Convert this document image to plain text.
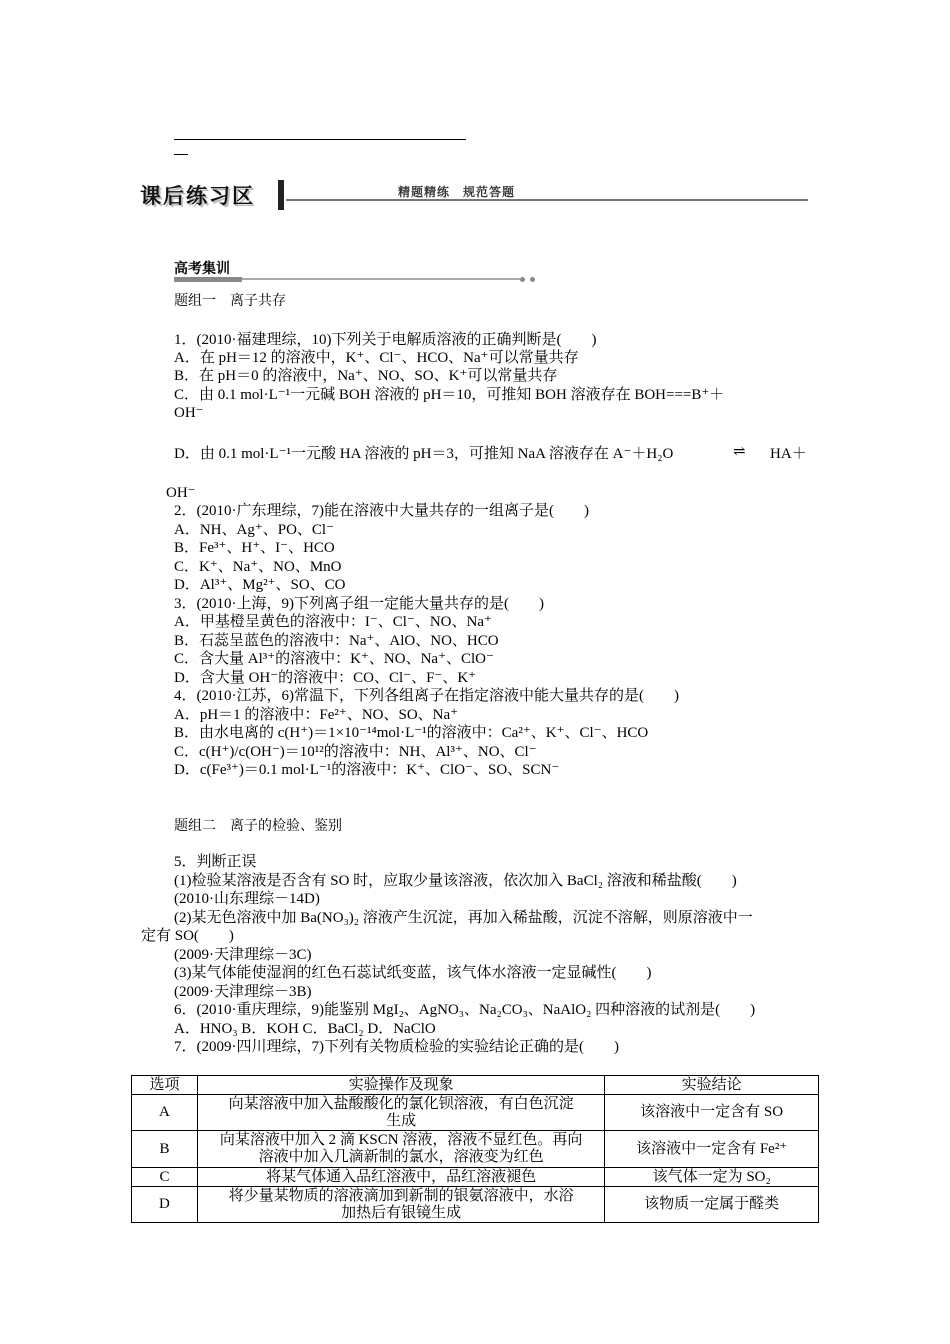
课后练习区	精题精练　规范答题
高考集训
题组一　离子共存
1．(2010·福建理综，10)下列关于电解质溶液的正确判断是(　　)
A．在 pH＝12 的溶液中，K⁺、Cl⁻、HCO、Na⁺可以常量共存
B．在 pH＝0 的溶液中，Na⁺、NO、SO、K⁺可以常量共存
C．由 0.1 mol·L⁻¹一元碱 BOH 溶液的 pH＝10，可推知 BOH 溶液存在 BOH===B⁺＋
OH⁻
D．由 0.1 mol·L⁻¹一元酸 HA 溶液的 pH＝3，可推知 NaA 溶液存在 A⁻＋H₂O	⇌ HA＋
OH⁻
2．(2010·广东理综，7)能在溶液中大量共存的一组离子是(　　)
A．NH、Ag⁺、PO、Cl⁻
B．Fe³⁺、H⁺、I⁻、HCO
C．K⁺、Na⁺、NO、MnO
D．Al³⁺、Mg²⁺、SO、CO
3．(2010·上海，9)下列离子组一定能大量共存的是(　　)
A．甲基橙呈黄色的溶液中：I⁻、Cl⁻、NO、Na⁺
B．石蕊呈蓝色的溶液中：Na⁺、AlO、NO、HCO
C．含大量 Al³⁺的溶液中：K⁺、NO、Na⁺、ClO⁻
D．含大量 OH⁻的溶液中：CO、Cl⁻、F⁻、K⁺
4．(2010·江苏，6)常温下，下列各组离子在指定溶液中能大量共存的是(　　)
A．pH＝1 的溶液中：Fe²⁺、NO、SO、Na⁺
B．由水电离的 c(H⁺)＝1×10⁻¹⁴mol·L⁻¹的溶液中：Ca²⁺、K⁺、Cl⁻、HCO
C．c(H⁺)/c(OH⁻)＝10¹²的溶液中：NH、Al³⁺、NO、Cl⁻
D．c(Fe³⁺)＝0.1 mol·L⁻¹的溶液中：K⁺、ClO⁻、SO、SCN⁻
题组二　离子的检验、鉴别
5．判断正误
(1)检验某溶液是否含有 SO 时，应取少量该溶液，依次加入 BaCl₂ 溶液和稀盐酸(　　)
(2010·山东理综－14D)
(2)某无色溶液中加 Ba(NO₃)₂ 溶液产生沉淀，再加入稀盐酸，沉淀不溶解，则原溶液中一
定有 SO(　　)
(2009·天津理综－3C)
(3)某气体能使湿润的红色石蕊试纸变蓝，该气体水溶液一定显碱性(　　)
(2009·天津理综－3B)
6．(2010·重庆理综，9)能鉴别 MgI₂、AgNO₃、Na₂CO₃、NaAlO₂ 四种溶液的试剂是(　　)
A．HNO₃ B．KOH C．BaCl₂ D．NaClO
7．(2009·四川理综，7)下列有关物质检验的实验结论正确的是(　　)
选项	实验操作及现象	实验结论
A	向某溶液中加入盐酸酸化的氯化钡溶液，有白色沉淀
生成	该溶液中一定含有 SO
B	向某溶液中加入 2 滴 KSCN 溶液，溶液不显红色。再向
溶液中加入几滴新制的氯水，溶液变为红色	该溶液中一定含有 Fe²⁺
C	将某气体通入品红溶液中，品红溶液褪色	该气体一定为 SO₂
D	将少量某物质的溶液滴加到新制的银氨溶液中，水浴
加热后有银镜生成	该物质一定属于醛类
